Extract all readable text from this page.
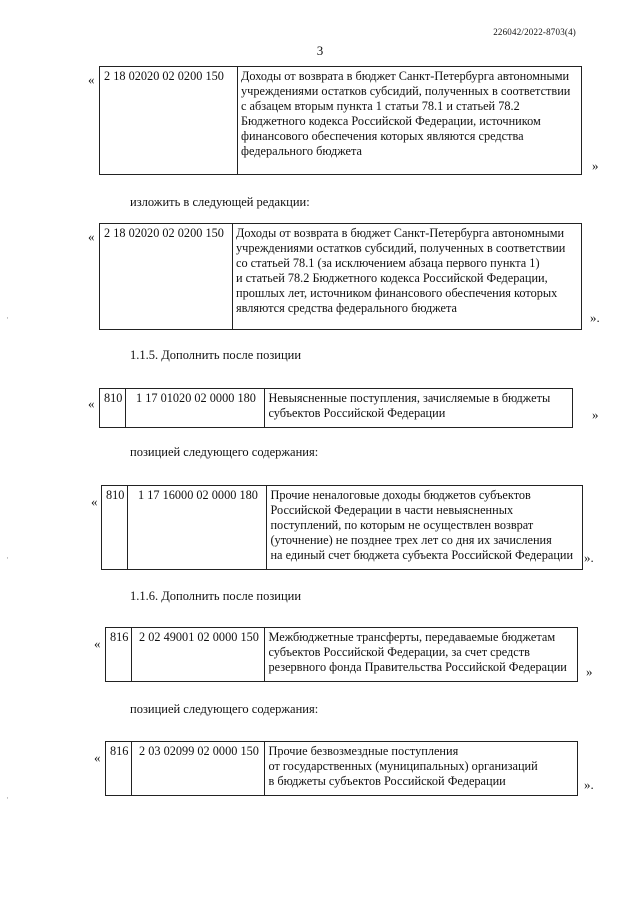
226042/2022-8703(4)
3
·
·
·
« 2 18 02020 02 0200 150	Доходы от возврата в бюджет Санкт-Петербурга автономными
учреждениями остатков субсидий, полученных в соответствии
с абзацем вторым пункта 1 статьи 78.1 и статьей 78.2
Бюджетного кодекса Российской Федерации, источником
финансового обеспечения которых являются средства
федерального бюджета
»
изложить в следующей редакции:
« 2 18 02020 02 0200 150	Доходы от возврата в бюджет Санкт-Петербурга автономными
учреждениями остатков субсидий, полученных в соответствии
со статьей 78.1 (за исключением абзаца первого пункта 1)
и статьей 78.2 Бюджетного кодекса Российской Федерации,
прошлых лет, источником финансового обеспечения которых
являются средства федерального бюджета
».
1.1.5. Дополнить после позиции
« 810	1 17 01020 02 0000 180	Невыясненные поступления, зачисляемые в бюджеты
субъектов Российской Федерации	»
позицией следующего содержания:
« 810	1 17 16000 02 0000 180	Прочие неналоговые доходы бюджетов субъектов
Российской Федерации в части невыясненных
поступлений, по которым не осуществлен возврат
(уточнение) не позднее трех лет со дня их зачисления
на единый счет бюджета субъекта Российской Федерации ».
1.1.6. Дополнить после позиции
« 816	2 02 49001 02 0000 150	Межбюджетные трансферты, передаваемые бюджетам
субъектов Российской Федерации, за счет средств
резервного фонда Правительства Российской Федерации	»
позицией следующего содержания:
« 816	2 03 02099 02 0000 150	Прочие безвозмездные поступления
от государственных (муниципальных) организаций
в бюджеты субъектов Российской Федерации	».
